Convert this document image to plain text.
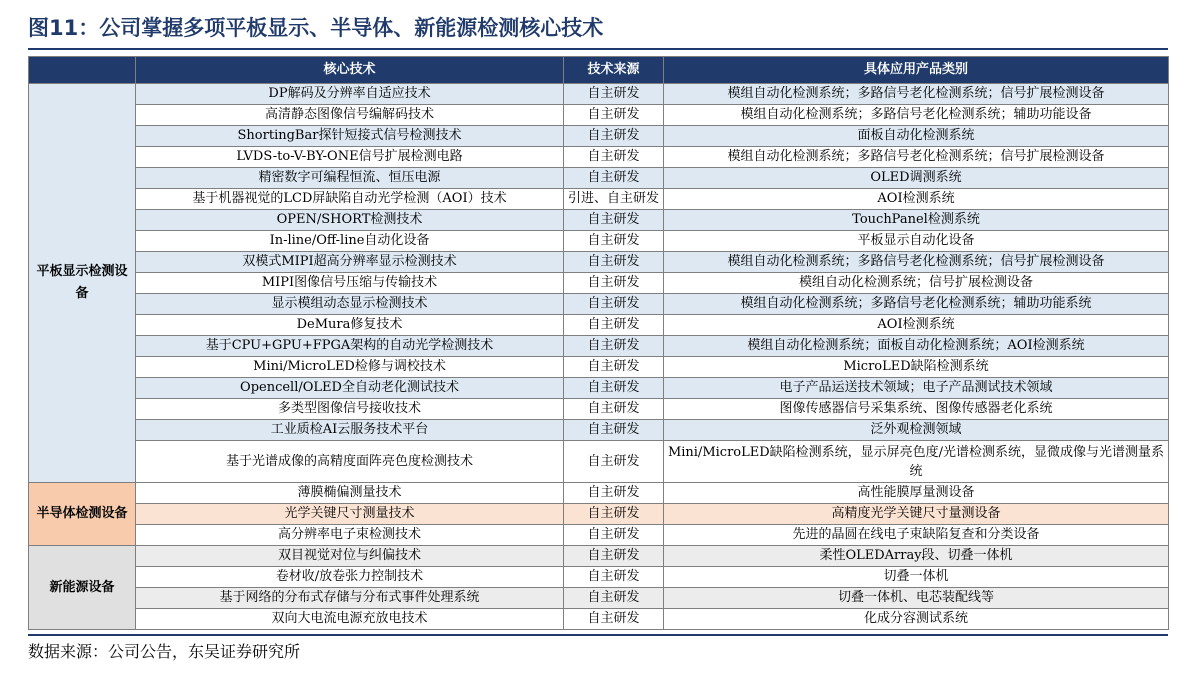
图11：公司掌握多项平板显示、半导体、新能源检测核心技术
	核心技术	技术来源	具体应用产品类别
平板显示检测设备	DP解码及分辨率自适应技术	自主研发	模组自动化检测系统；多路信号老化检测系统；信号扩展检测设备
	高清静态图像信号编解码技术	自主研发	模组自动化检测系统；多路信号老化检测系统；辅助功能设备
	ShortingBar探针短接式信号检测技术	自主研发	面板自动化检测系统
	LVDS-to-V-BY-ONE信号扩展检测电路	自主研发	模组自动化检测系统；多路信号老化检测系统；信号扩展检测设备
	精密数字可编程恒流、恒压电源	自主研发	OLED调测系统
	基于机器视觉的LCD屏缺陷自动光学检测（AOI）技术	引进、自主研发	AOI检测系统
	OPEN/SHORT检测技术	自主研发	TouchPanel检测系统
	In-line/Off-line自动化设备	自主研发	平板显示自动化设备
	双模式MIPI超高分辨率显示检测技术	自主研发	模组自动化检测系统；多路信号老化检测系统；信号扩展检测设备
	MIPI图像信号压缩与传输技术	自主研发	模组自动化检测系统；信号扩展检测设备
	显示模组动态显示检测技术	自主研发	模组自动化检测系统；多路信号老化检测系统；辅助功能系统
	DeMura修复技术	自主研发	AOI检测系统
	基于CPU+GPU+FPGA架构的自动光学检测技术	自主研发	模组自动化检测系统；面板自动化检测系统；AOI检测系统
	Mini/MicroLED检修与调校技术	自主研发	MicroLED缺陷检测系统
	Opencell/OLED全自动老化测试技术	自主研发	电子产品运送技术领域；电子产品测试技术领域
	多类型图像信号接收技术	自主研发	图像传感器信号采集系统、图像传感器老化系统
	工业质检AI云服务技术平台	自主研发	泛外观检测领域
	基于光谱成像的高精度面阵亮色度检测技术	自主研发	Mini/MicroLED缺陷检测系统，显示屏亮色度/光谱检测系统，显微成像与光谱测量系统
半导体检测设备	薄膜椭偏测量技术	自主研发	高性能膜厚量测设备
	光学关键尺寸测量技术	自主研发	高精度光学关键尺寸量测设备
	高分辨率电子束检测技术	自主研发	先进的晶圆在线电子束缺陷复查和分类设备
新能源设备	双目视觉对位与纠偏技术	自主研发	柔性OLEDArray段、切叠一体机
	卷材收/放卷张力控制技术	自主研发	切叠一体机
	基于网络的分布式存储与分布式事件处理系统	自主研发	切叠一体机、电芯装配线等
	双向大电流电源充放电技术	自主研发	化成分容测试系统
数据来源：公司公告，东吴证券研究所
